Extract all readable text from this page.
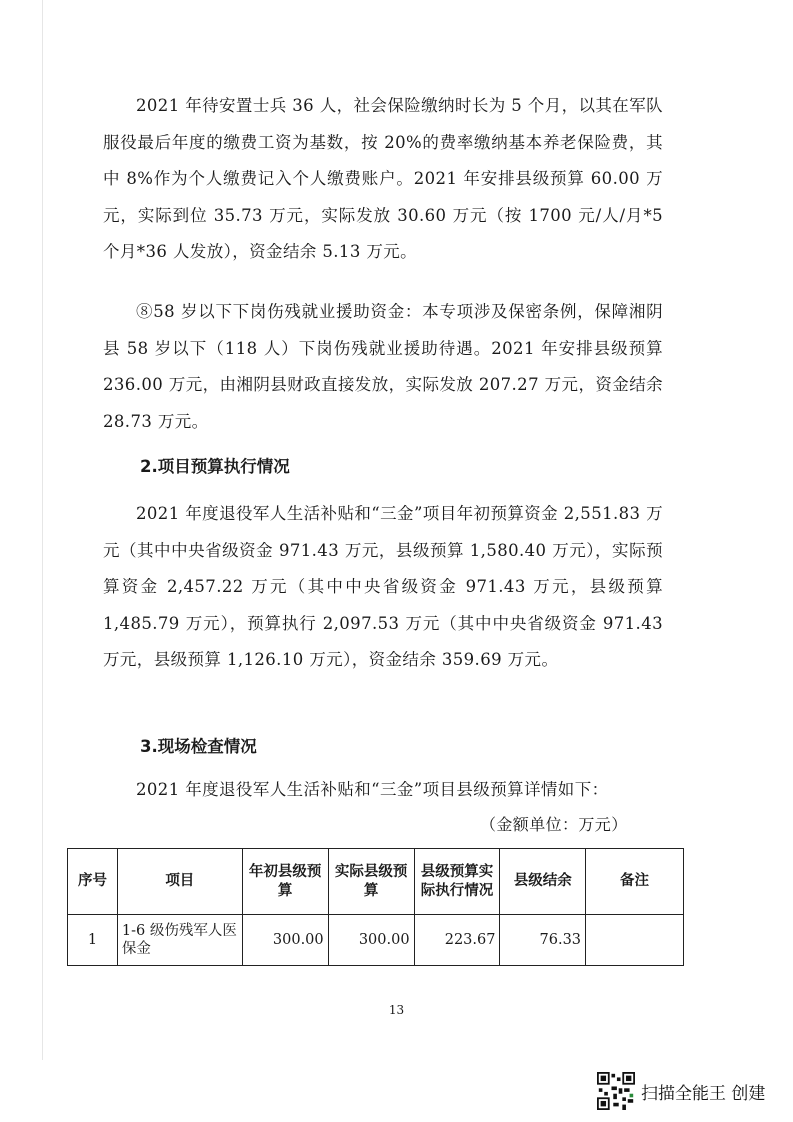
2021 年待安置士兵 36 人，社会保险缴纳时长为 5 个月，以其在军队服役最后年度的缴费工资为基数，按 20%的费率缴纳基本养老保险费，其中 8%作为个人缴费记入个人缴费账户。2021 年安排县级预算 60.00 万元，实际到位 35.73 万元，实际发放 30.60 万元（按 1700 元/人/月*5 个月*36 人发放），资金结余 5.13 万元。

⑧58 岁以下下岗伤残就业援助资金：本专项涉及保密条例，保障湘阴县 58 岁以下（118 人）下岗伤残就业援助待遇。2021 年安排县级预算 236.00 万元，由湘阴县财政直接发放，实际发放 207.27 万元，资金结余 28.73 万元。

2.项目预算执行情况

2021 年度退役军人生活补贴和“三金”项目年初预算资金 2,551.83 万元（其中中央省级资金 971.43 万元，县级预算 1,580.40 万元），实际预算资金 2,457.22 万元（其中中央省级资金 971.43 万元，县级预算 1,485.79 万元），预算执行 2,097.53 万元（其中中央省级资金 971.43 万元，县级预算 1,126.10 万元），资金结余 359.69 万元。

3.现场检查情况

2021 年度退役军人生活补贴和“三金”项目县级预算详情如下：

（金额单位：万元）
序号	项目	年初县级预算	实际县级预算	县级预算实际执行情况	县级结余	备注
1	1-6 级伤残军人医保金	300.00	300.00	223.67	76.33	
13
扫描全能王 创建
